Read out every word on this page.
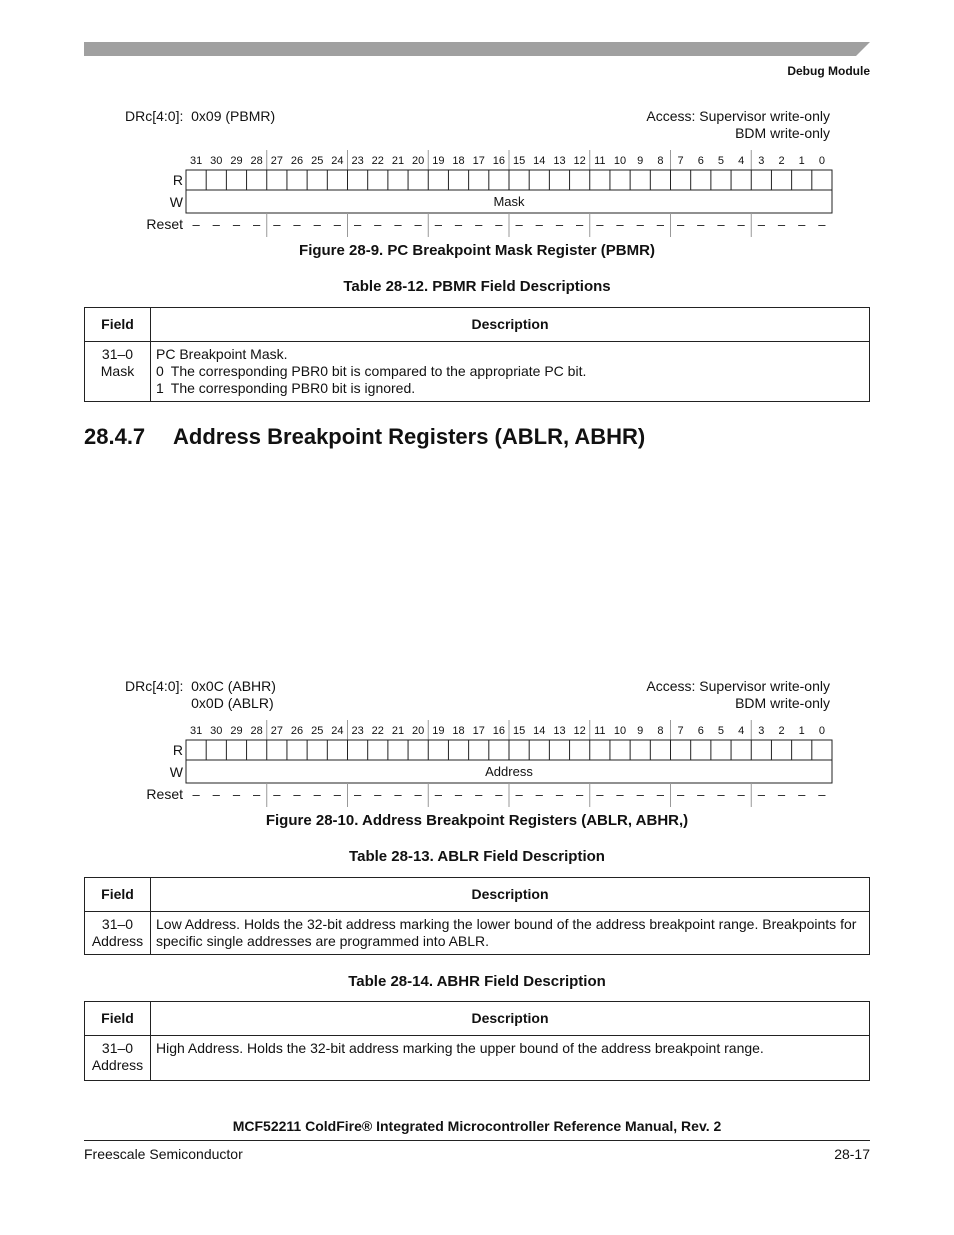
Debug Module
DRc[4:0]: 0x09 (PBMR)	Access: Supervisor write-only
BDM write-only
31 30 29 28 27 26 25 24 23 22 21 20 19 18 17 16 15 14 13 12 11 10 9 8 7 6 5 4 3 2 1 0
Mask
R
W
Reset – – – – – – – – – – – – – – – – – – – – – – – – – – – – – – – –
Figure 28-9. PC Breakpoint Mask Register (PBMR)
Table 28-12. PBMR Field Descriptions
Field	Description

31–0
Mask	PC Breakpoint Mask.
0 The corresponding PBR0 bit is compared to the appropriate PC bit.
1 The corresponding PBR0 bit is ignored.
28.4.7 Address Breakpoint Registers (ABLR, ABHR)
DRc[4:0]: 0x0C (ABHR)
0x0D (ABLR)
Access: Supervisor write-only
BDM write-only
31 30 29 28 27 26 25 24 23 22 21 20 19 18 17 16 15 14 13 12 11 10 9 8 7 6 5 4 3 2 1 0
Address
R
W
Reset – – – – – – – – – – – – – – – – – – – – – – – – – – – – – – – –
Figure 28-10. Address Breakpoint Registers (ABLR, ABHR,)
Table 28-13. ABLR Field Description
Field	Description

31–0
Address	Low Address. Holds the 32-bit address marking the lower bound of the address breakpoint range. Breakpoints for specific single addresses are programmed into ABLR.
Table 28-14. ABHR Field Description
Field	Description

31–0
Address	High Address. Holds the 32-bit address marking the upper bound of the address breakpoint range.
MCF52211 ColdFire® Integrated Microcontroller Reference Manual, Rev. 2
Freescale Semiconductor	28-17
